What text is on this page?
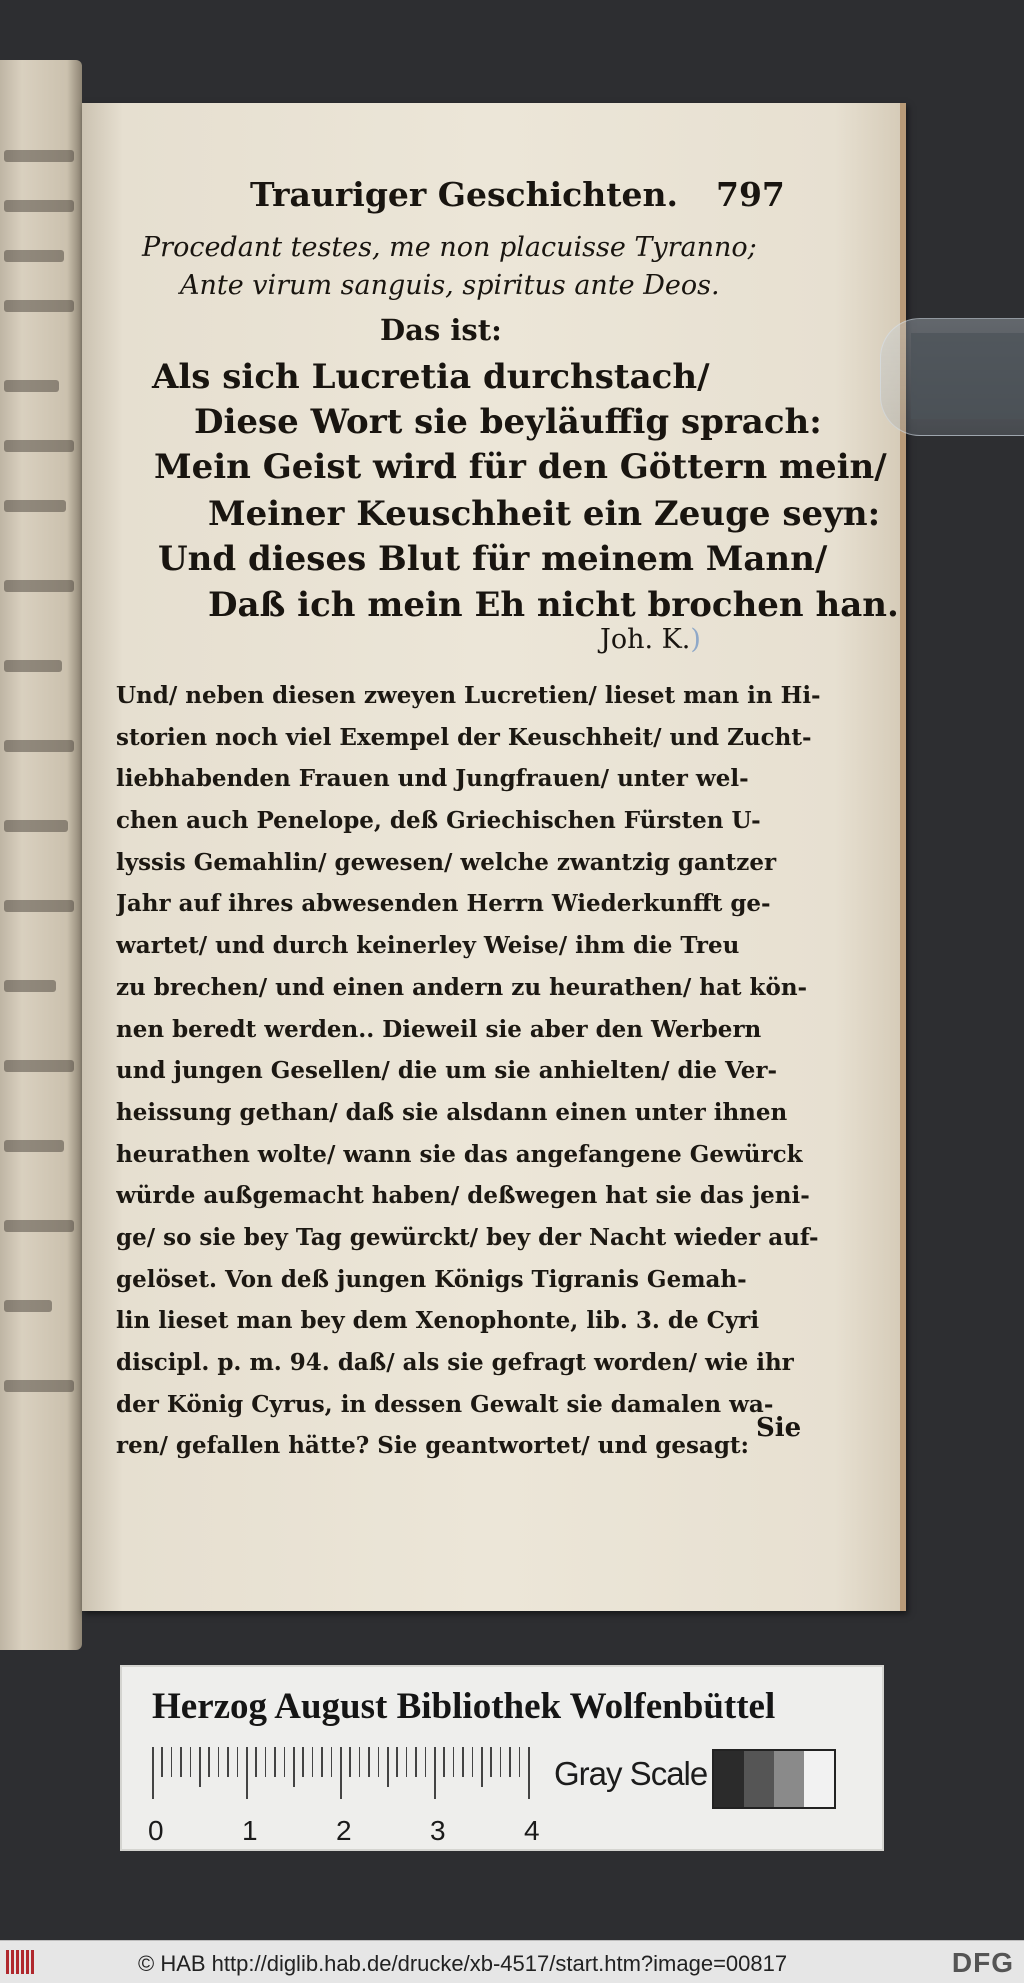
Trauriger Geschichten. 797
Procedant testes, me non placuisse Tyranno;
Ante virum sanguis, spiritus ante Deos.
Das ist:
Als sich Lucretia durchstach/
Diese Wort sie beyläuffig sprach:
Mein Geist wird für den Göttern mein/
Meiner Keuschheit ein Zeuge seyn:
Und dieses Blut für meinem Mann/
Daß ich mein Eh nicht brochen han.
Joh. K.)
Und/ neben diesen zweyen Lucretien/ lieset man in Hi-
storien noch viel Exempel der Keuschheit/ und Zucht-
liebhabenden Frauen und Jungfrauen/ unter wel-
chen auch Penelope, deß Griechischen Fürsten U-
lyssis Gemahlin/ gewesen/ welche zwantzig gantzer
Jahr auf ihres abwesenden Herrn Wiederkunfft ge-
wartet/ und durch keinerley Weise/ ihm die Treu
zu brechen/ und einen andern zu heurathen/ hat kön-
nen beredt werden.. Dieweil sie aber den Werbern
und jungen Gesellen/ die um sie anhielten/ die Ver-
heissung gethan/ daß sie alsdann einen unter ihnen
heurathen wolte/ wann sie das angefangene Gewürck
würde außgemacht haben/ deßwegen hat sie das jeni-
ge/ so sie bey Tag gewürckt/ bey der Nacht wieder auf-
gelöset. Von deß jungen Königs Tigranis Gemah-
lin lieset man bey dem Xenophonte, lib. 3. de Cyri
discipl. p. m. 94. daß/ als sie gefragt worden/ wie ihr
der König Cyrus, in dessen Gewalt sie damalen wa-
ren/ gefallen hätte? Sie geantwortet/ und gesagt:
Sie
Herzog August Bibliothek Wolfenbüttel
0	1	2	3	4
Gray Scale
© HAB http://diglib.hab.de/drucke/xb-4517/start.htm?image=00817	DFG
